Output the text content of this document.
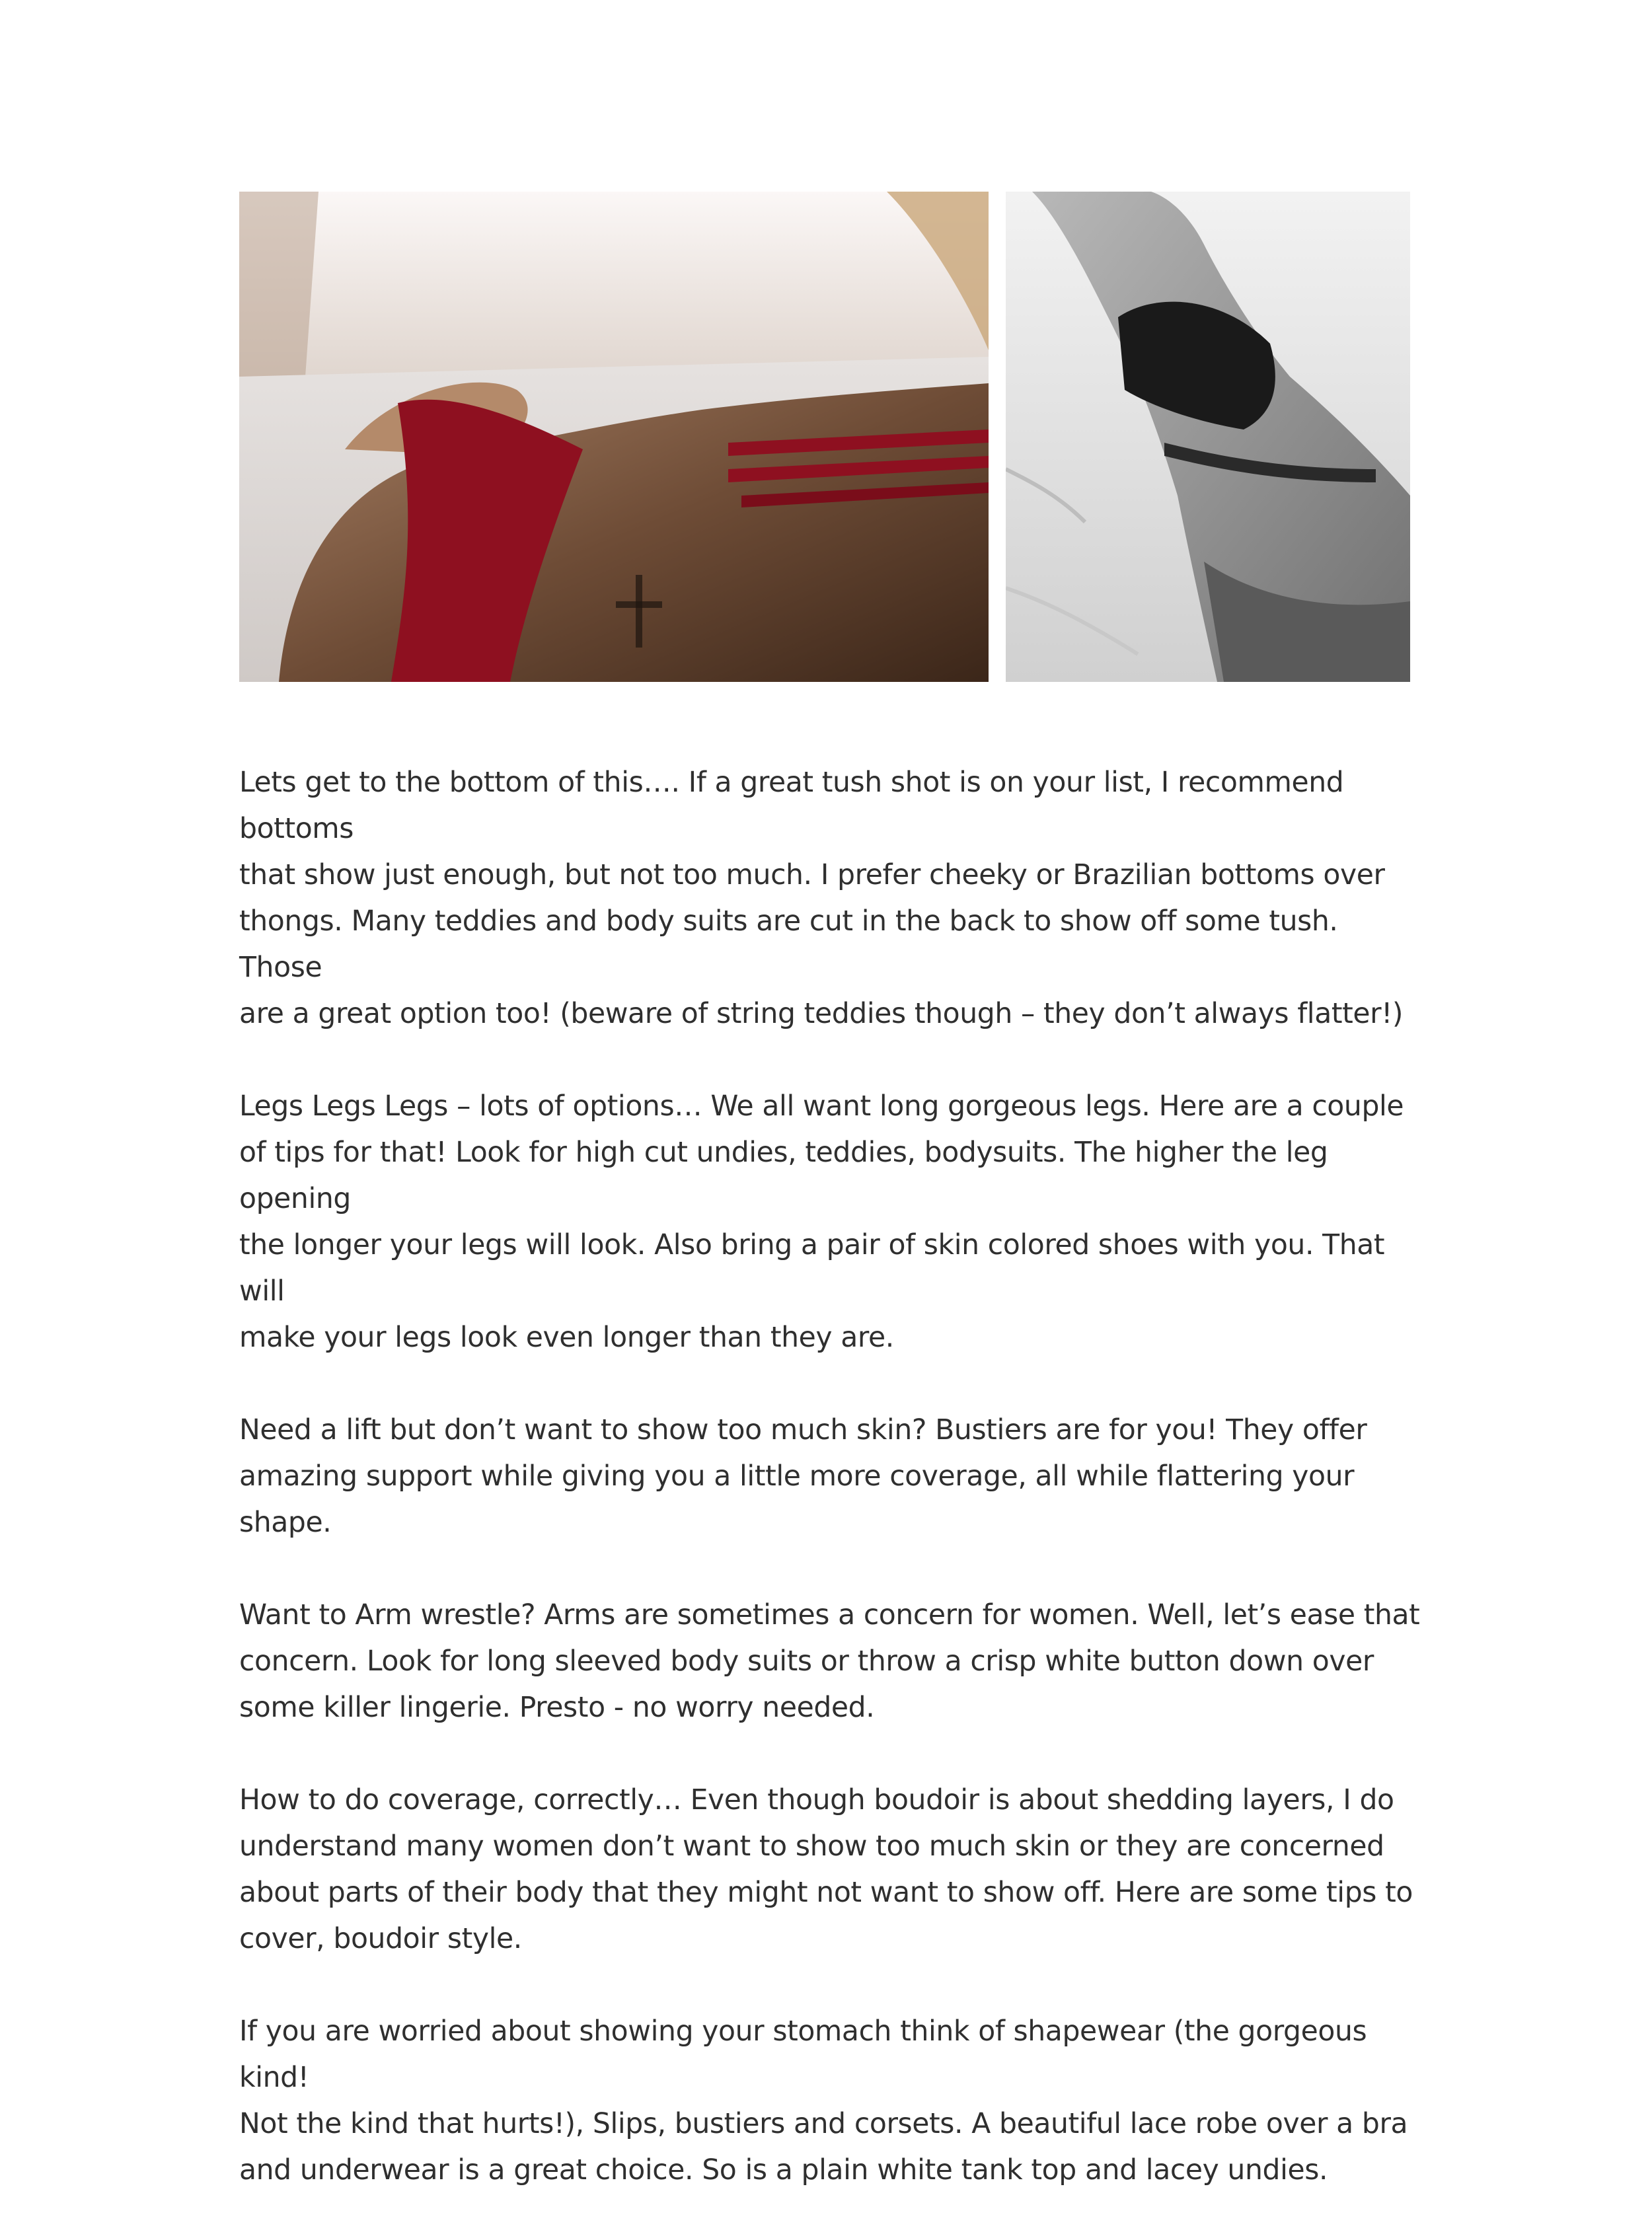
Lets get to the bottom of this…. If a great tush shot is on your list, I recommend bottoms
that show just enough, but not too much. I prefer cheeky or Brazilian bottoms over
thongs. Many teddies and body suits are cut in the back to show off some tush. Those
are a great option too! (beware of string teddies though – they don’t always flatter!)

Legs Legs Legs – lots of options… We all want long gorgeous legs. Here are a couple
of tips for that! Look for high cut undies, teddies, bodysuits. The higher the leg opening
the longer your legs will look. Also bring a pair of skin colored shoes with you. That will
make your legs look even longer than they are.

Need a lift but don’t want to show too much skin? Bustiers are for you! They offer
amazing support while giving you a little more coverage, all while flattering your shape.

Want to Arm wrestle? Arms are sometimes a concern for women. Well, let’s ease that
concern. Look for long sleeved body suits or throw a crisp white button down over
some killer lingerie. Presto - no worry needed.

How to do coverage, correctly… Even though boudoir is about shedding layers, I do
understand many women don’t want to show too much skin or they are concerned
about parts of their body that they might not want to show off. Here are some tips to
cover, boudoir style.

If you are worried about showing your stomach think of shapewear (the gorgeous kind!
Not the kind that hurts!), Slips, bustiers and corsets. A beautiful lace robe over a bra
and underwear is a great choice. So is a plain white tank top and lacey undies.
